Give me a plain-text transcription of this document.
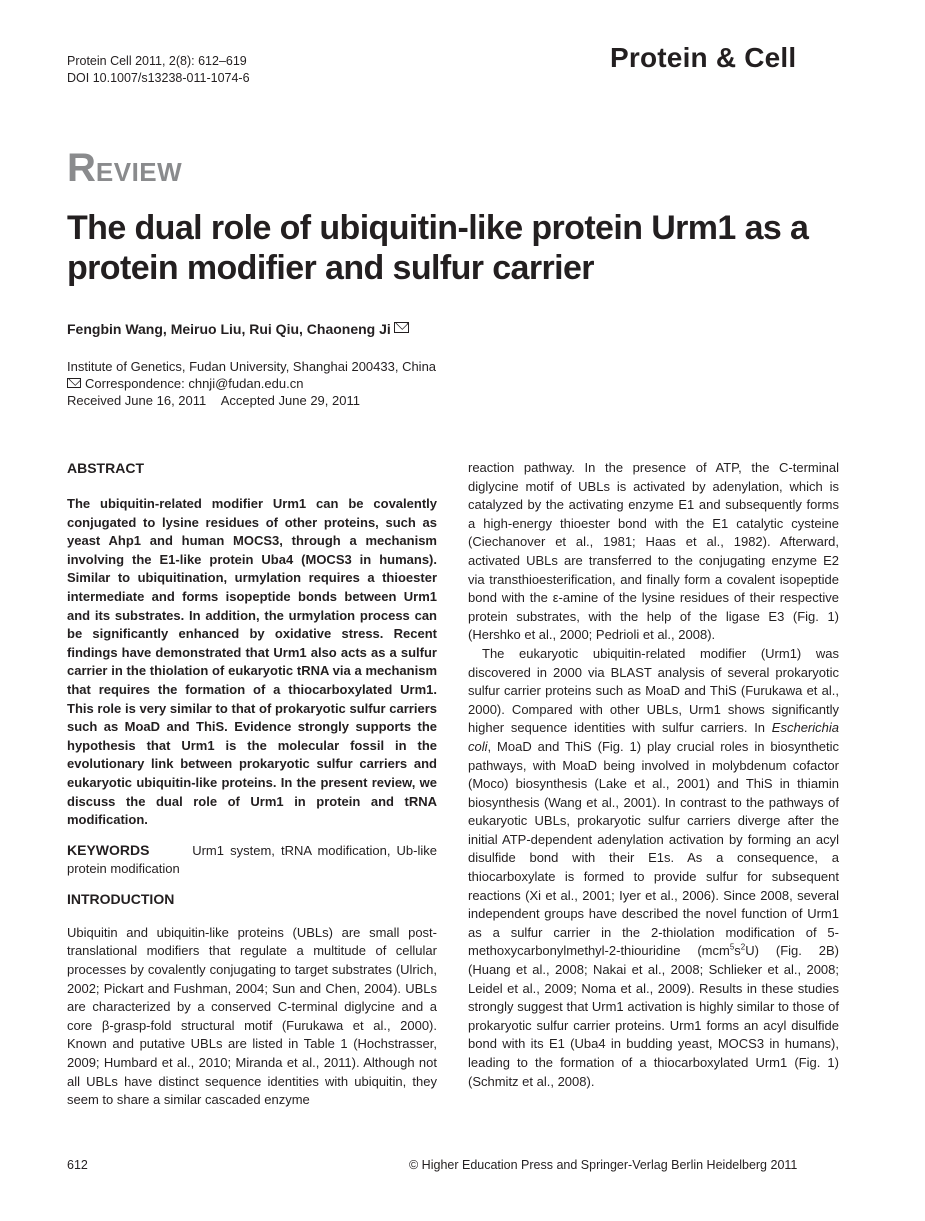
Protein Cell 2011, 2(8): 612–619
DOI 10.1007/s13238-011-1074-6
Protein & Cell
REVIEW
The dual role of ubiquitin-like protein Urm1 as a protein modifier and sulfur carrier
Fengbin Wang, Meiruo Liu, Rui Qiu, Chaoneng Ji
Institute of Genetics, Fudan University, Shanghai 200433, China
Correspondence: chnji@fudan.edu.cn
Received June 16, 2011 Accepted June 29, 2011
ABSTRACT

The ubiquitin-related modifier Urm1 can be covalently conjugated to lysine residues of other proteins, such as yeast Ahp1 and human MOCS3, through a mechanism involving the E1-like protein Uba4 (MOCS3 in humans). Similar to ubiquitination, urmylation requires a thioester intermediate and forms isopeptide bonds between Urm1 and its substrates. In addition, the urmylation process can be significantly enhanced by oxidative stress. Recent findings have demonstrated that Urm1 also acts as a sulfur carrier in the thiolation of eukaryotic tRNA via a mechanism that requires the formation of a thiocarboxylated Urm1. This role is very similar to that of prokaryotic sulfur carriers such as MoaD and ThiS. Evidence strongly supports the hypothesis that Urm1 is the molecular fossil in the evolutionary link between prokaryotic sulfur carriers and eukaryotic ubiquitin-like proteins. In the present review, we discuss the dual role of Urm1 in protein and tRNA modification.

KEYWORDS	Urm1 system, tRNA modification, Ub-like protein modification

INTRODUCTION

Ubiquitin and ubiquitin-like proteins (UBLs) are small post-translational modifiers that regulate a multitude of cellular processes by covalently conjugating to target substrates (Ulrich, 2002; Pickart and Fushman, 2004; Sun and Chen, 2004). UBLs are characterized by a conserved C-terminal diglycine and a core β-grasp-fold structural motif (Furukawa et al., 2000). Known and putative UBLs are listed in Table 1 (Hochstrasser, 2009; Humbard et al., 2010; Miranda et al., 2011). Although not all UBLs have distinct sequence identities with ubiquitin, they seem to share a similar cascaded enzyme

reaction pathway. In the presence of ATP, the C-terminal diglycine motif of UBLs is activated by adenylation, which is catalyzed by the activating enzyme E1 and subsequently forms a high-energy thioester bond with the E1 catalytic cysteine (Ciechanover et al., 1981; Haas et al., 1982). Afterward, activated UBLs are transferred to the conjugating enzyme E2 via transthioesterification, and finally form a covalent isopeptide bond with the ε-amine of the lysine residues of their respective protein substrates, with the help of the ligase E3 (Fig. 1) (Hershko et al., 2000; Pedrioli et al., 2008).

The eukaryotic ubiquitin-related modifier (Urm1) was discovered in 2000 via BLAST analysis of several prokaryotic sulfur carrier proteins such as MoaD and ThiS (Furukawa et al., 2000). Compared with other UBLs, Urm1 shows significantly higher sequence identities with sulfur carriers. In Escherichia coli, MoaD and ThiS (Fig. 1) play crucial roles in biosynthetic pathways, with MoaD being involved in molybdenum cofactor (Moco) biosynthesis (Lake et al., 2001) and ThiS in thiamin biosynthesis (Wang et al., 2001). In contrast to the pathways of eukaryotic UBLs, prokaryotic sulfur carriers diverge after the initial ATP-dependent adenylation activation by forming an acyl disulfide bond with their E1s. As a consequence, a thiocarboxylate is formed to provide sulfur for subsequent reactions (Xi et al., 2001; Iyer et al., 2006). Since 2008, several independent groups have described the novel function of Urm1 as a sulfur carrier in the 2-thiolation modification of 5-methoxycarbonylmethyl-2-thiouridine $(mcm^5s^2U)$ (Fig. 2B) (Huang et al., 2008; Nakai et al., 2008; Schlieker et al., 2008; Leidel et al., 2009; Noma et al., 2009). Results in these studies strongly suggest that Urm1 activation is highly similar to those of prokaryotic sulfur carrier proteins. Urm1 forms an acyl disulfide bond with its E1 (Uba4 in budding yeast, MOCS3 in humans), leading to the formation of a thiocarboxylated Urm1 (Fig. 1) (Schmitz et al., 2008).

612	© Higher Education Press and Springer-Verlag Berlin Heidelberg 2011
